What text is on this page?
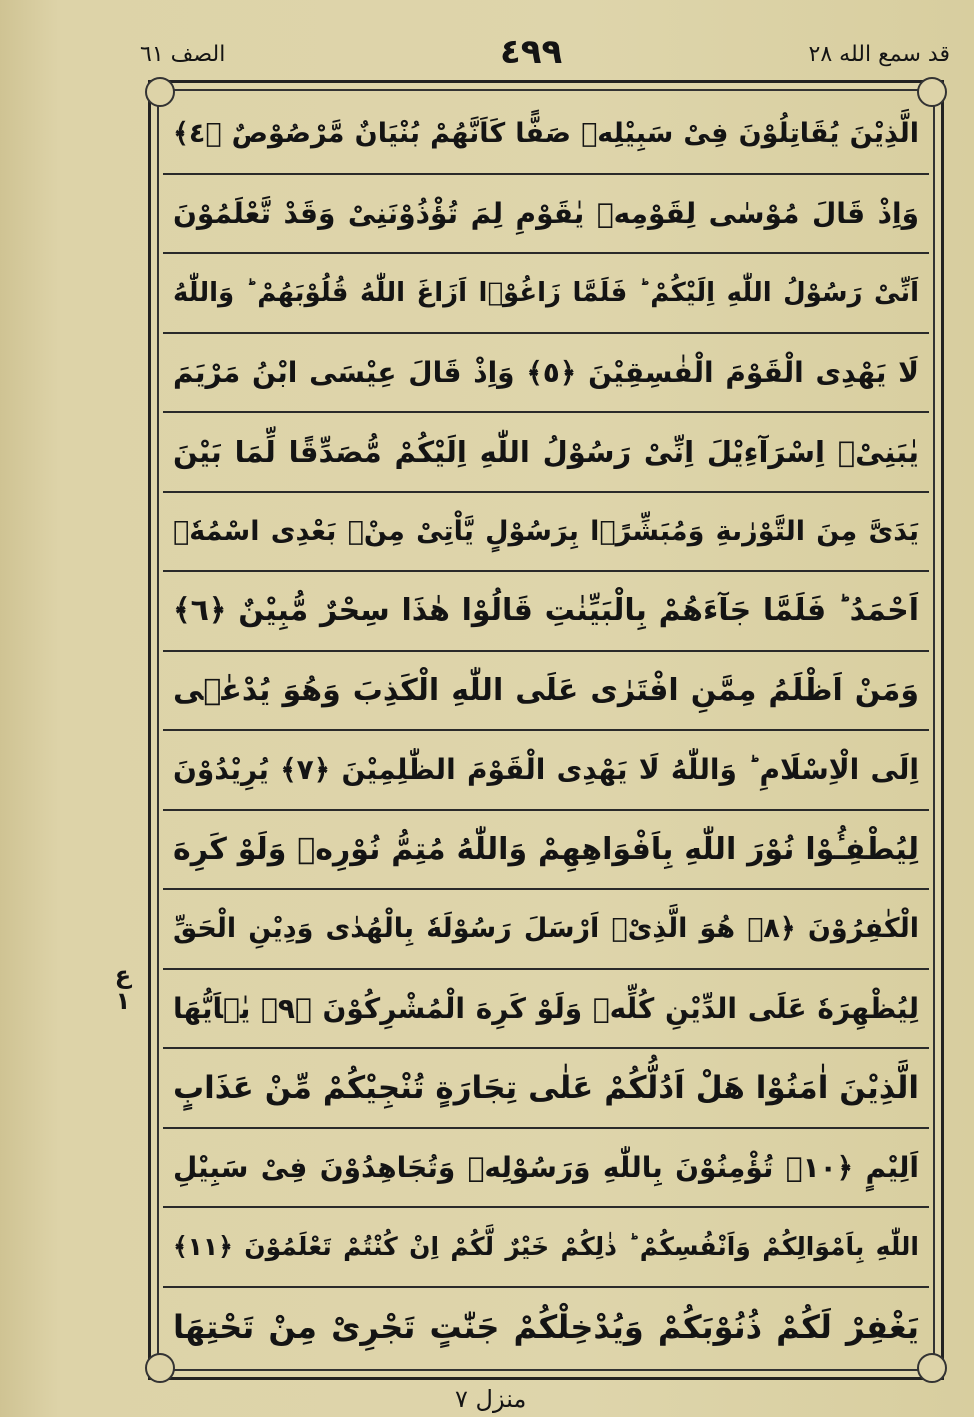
الصف ٦١	٤٩٩	قد سمع الله ٢٨
ع ١
الَّذِیْنَ یُقَاتِلُوْنَ فِیْ سَبِیْلِهٖ صَفًّا كَاَنَّهُمْ بُنْیَانٌ مَّرْصُوْصٌ ﴿٤﴾
وَاِذْ قَالَ مُوْسٰی لِقَوْمِهٖ یٰقَوْمِ لِمَ تُؤْذُوْنَنِیْ وَقَدْ تَّعْلَمُوْنَ
اَنِّیْ رَسُوْلُ اللّٰهِ اِلَیْكُمْ ؕ فَلَمَّا زَاغُوْۤا اَزَاغَ اللّٰهُ قُلُوْبَهُمْ ؕ وَاللّٰهُ
لَا یَهْدِی الْقَوْمَ الْفٰسِقِیْنَ ﴿٥﴾ وَاِذْ قَالَ عِیْسَی ابْنُ مَرْیَمَ
یٰبَنِیْۤ اِسْرَآءِیْلَ اِنِّیْ رَسُوْلُ اللّٰهِ اِلَیْكُمْ مُّصَدِّقًا لِّمَا بَیْنَ
یَدَیَّ مِنَ التَّوْرٰىةِ وَمُبَشِّرًۢا بِرَسُوْلٍ یَّاْتِیْ مِنْۢ بَعْدِی اسْمُهٗۤ
اَحْمَدُ ؕ فَلَمَّا جَآءَهُمْ بِالْبَیِّنٰتِ قَالُوْا هٰذَا سِحْرٌ مُّبِیْنٌ ﴿٦﴾
وَمَنْ اَظْلَمُ مِمَّنِ افْتَرٰی عَلَی اللّٰهِ الْكَذِبَ وَهُوَ یُدْعٰۤی
اِلَی الْاِسْلَامِ ؕ وَاللّٰهُ لَا یَهْدِی الْقَوْمَ الظّٰلِمِیْنَ ﴿٧﴾ یُرِیْدُوْنَ
لِیُطْفِـُٔوْا نُوْرَ اللّٰهِ بِاَفْوَاهِهِمْ وَاللّٰهُ مُتِمُّ نُوْرِهٖ وَلَوْ كَرِهَ
الْكٰفِرُوْنَ ﴿٨﴾ هُوَ الَّذِیْۤ اَرْسَلَ رَسُوْلَهٗ بِالْهُدٰی وَدِیْنِ الْحَقِّ
لِیُظْهِرَهٗ عَلَی الدِّیْنِ كُلِّهٖ وَلَوْ كَرِهَ الْمُشْرِكُوْنَ ﴿٩﴾ یٰۤاَیُّهَا
الَّذِیْنَ اٰمَنُوْا هَلْ اَدُلُّكُمْ عَلٰی تِجَارَةٍ تُنْجِیْكُمْ مِّنْ عَذَابٍ
اَلِیْمٍ ﴿١٠﴾ تُؤْمِنُوْنَ بِاللّٰهِ وَرَسُوْلِهٖ وَتُجَاهِدُوْنَ فِیْ سَبِیْلِ
اللّٰهِ بِاَمْوَالِكُمْ وَاَنْفُسِكُمْ ؕ ذٰلِكُمْ خَیْرٌ لَّكُمْ اِنْ كُنْتُمْ تَعْلَمُوْنَ ﴿١١﴾
یَغْفِرْ لَكُمْ ذُنُوْبَكُمْ وَیُدْخِلْكُمْ جَنّٰتٍ تَجْرِیْ مِنْ تَحْتِهَا
منزل ٧
